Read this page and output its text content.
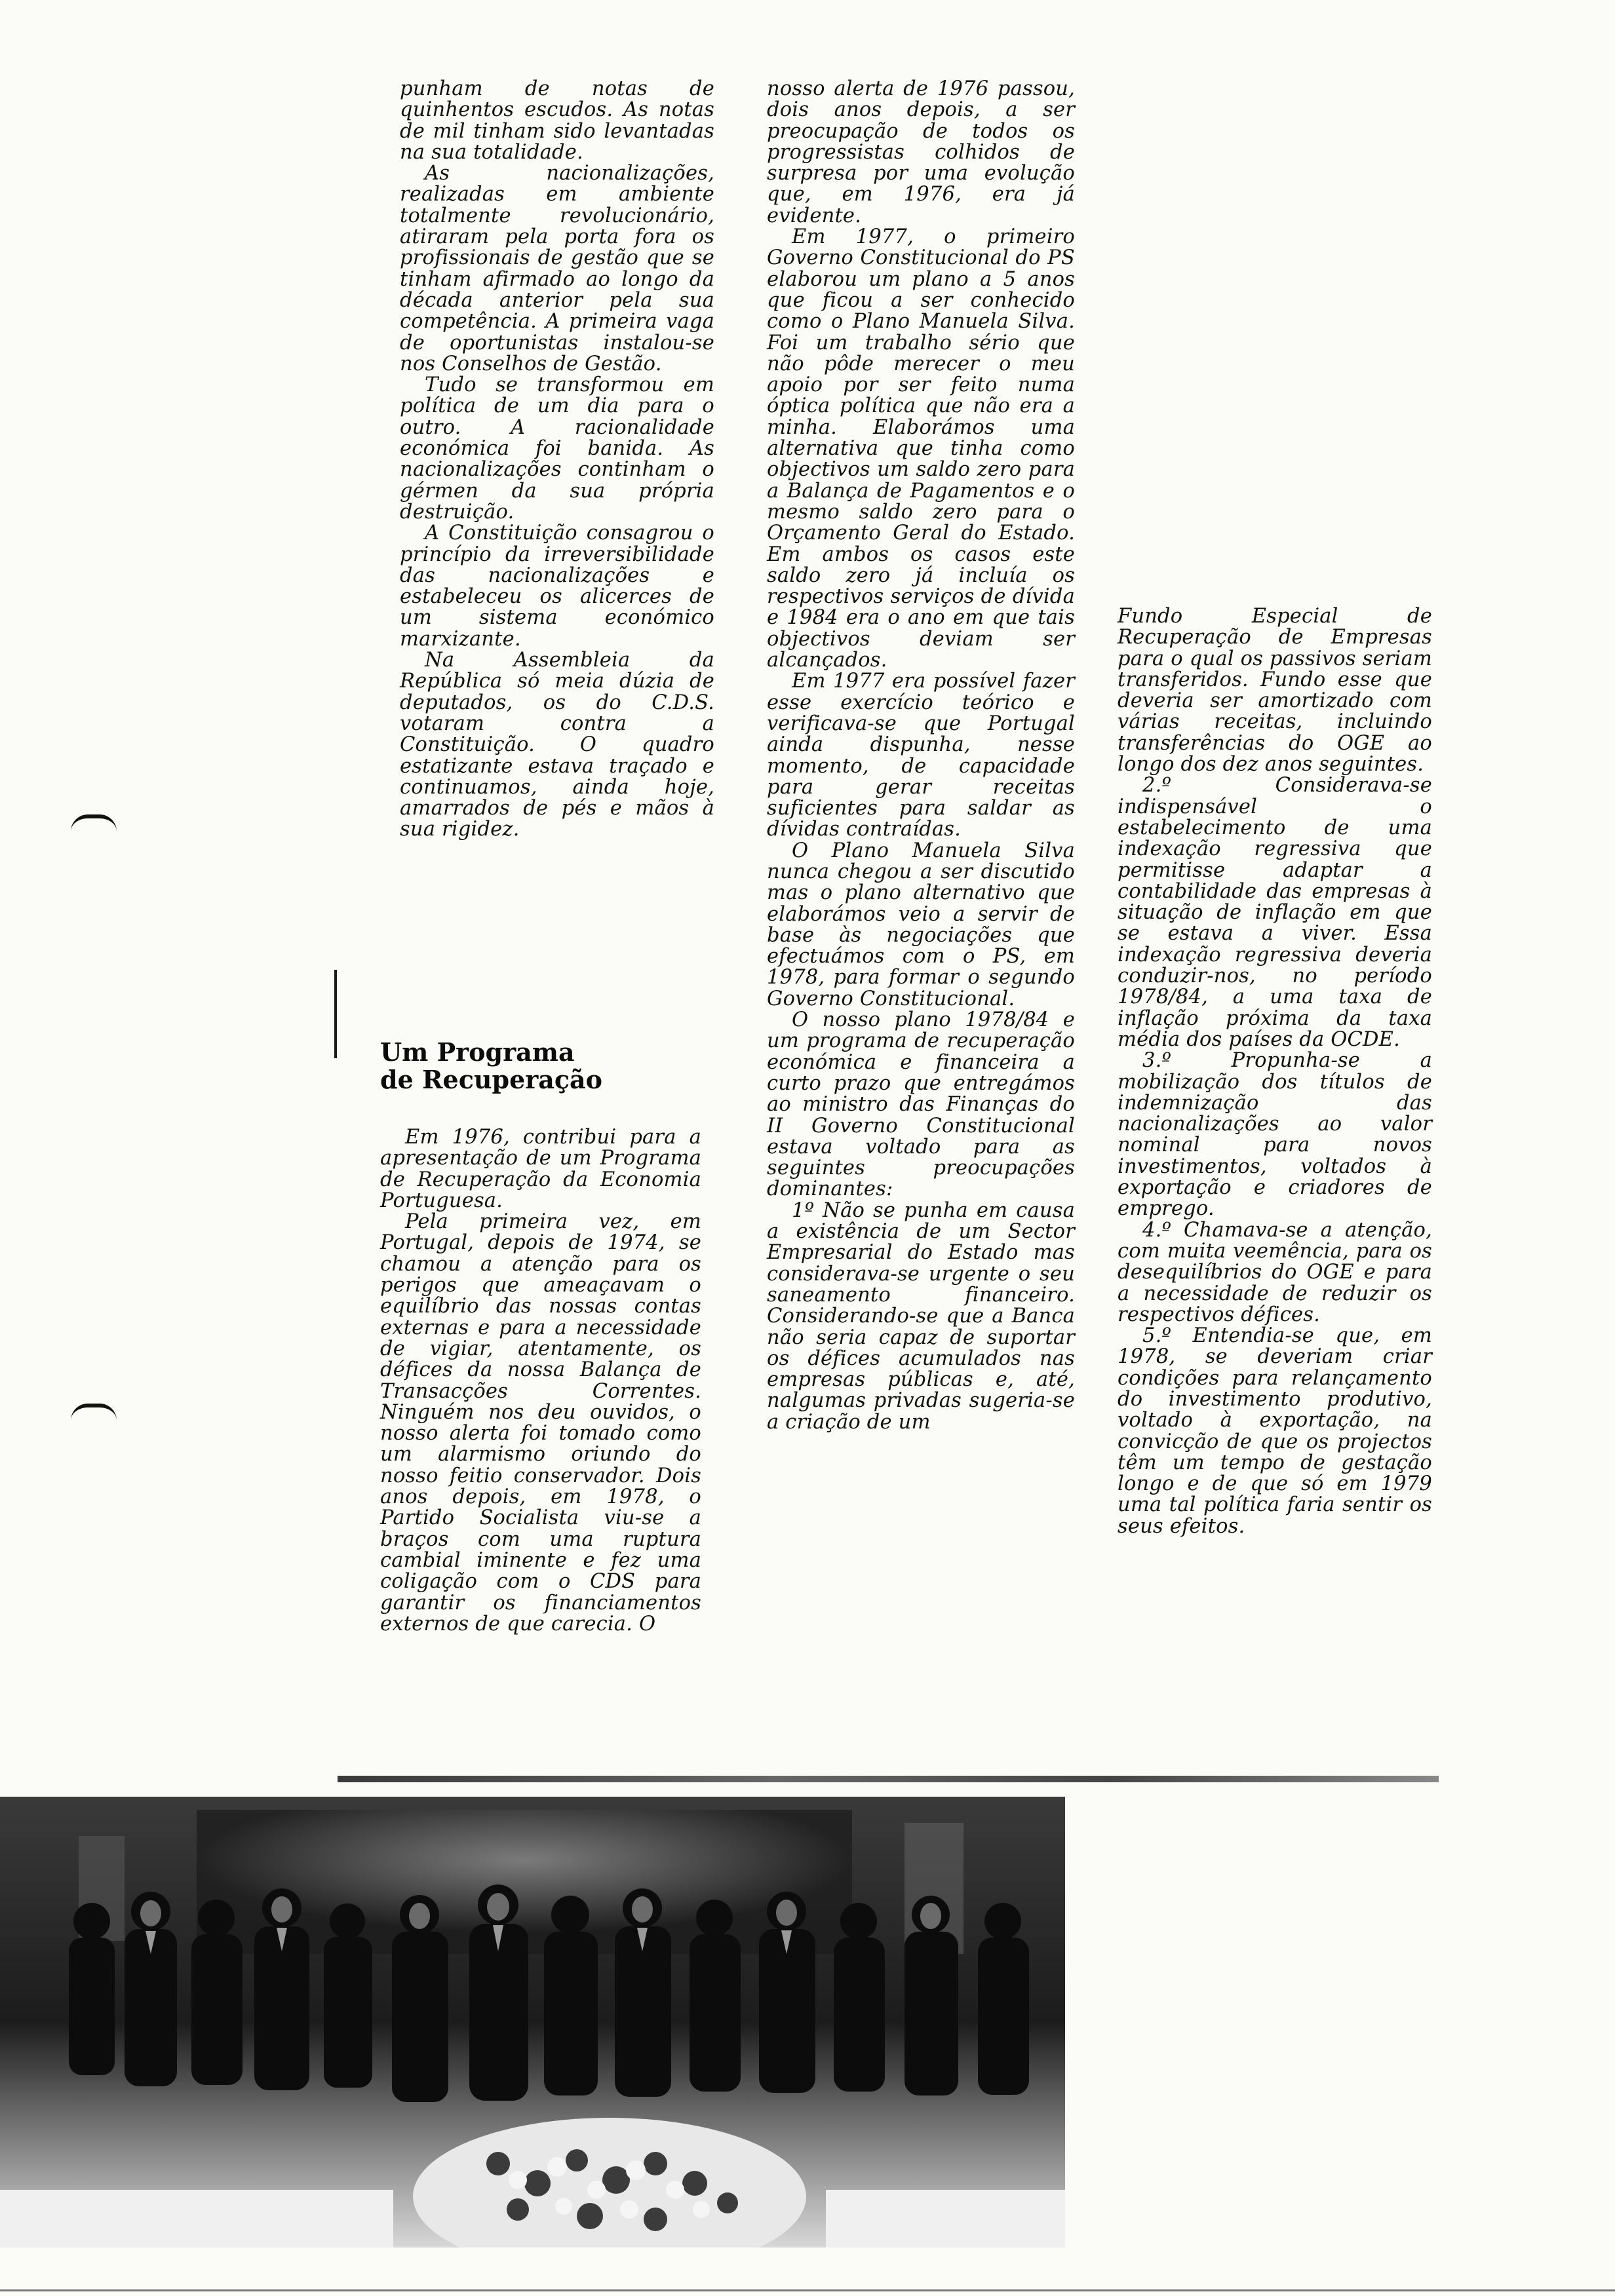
punham de notas de quinhentos escudos. As notas de mil tinham sido levantadas na sua totalidade.

As nacionalizações, realizadas em ambiente totalmente revolucionário, atiraram pela porta fora os profissionais de gestão que se tinham afirmado ao longo da década anterior pela sua competência. A primeira vaga de oportunistas instalou-se nos Conselhos de Gestão.

Tudo se transformou em política de um dia para o outro. A racionalidade económica foi banida. As nacionalizações continham o gérmen da sua própria destruição.

A Constituição consagrou o princípio da irreversibilidade das nacionalizações e estabeleceu os alicerces de um sistema económico marxizante.

Na Assembleia da República só meia dúzia de deputados, os do C.D.S. votaram contra a Constituição. O quadro estatizante estava traçado e continuamos, ainda hoje, amarrados de pés e mãos à sua rigidez.

Um Programa
de Recuperação

Em 1976, contribui para a apresentação de um Programa de Recuperação da Economia Portuguesa.

Pela primeira vez, em Portugal, depois de 1974, se chamou a atenção para os perigos que ameaçavam o equilíbrio das nossas contas externas e para a necessidade de vigiar, atentamente, os défices da nossa Balança de Transacções Correntes. Ninguém nos deu ouvidos, o nosso alerta foi tomado como um alarmismo oriundo do nosso feitio conservador. Dois anos depois, em 1978, o Partido Socialista viu-se a braços com uma ruptura cambial iminente e fez uma coligação com o CDS para garantir os financiamentos externos de que carecia. O

nosso alerta de 1976 passou, dois anos depois, a ser preocupação de todos os progressistas colhidos de surpresa por uma evolução que, em 1976, era já evidente.

Em 1977, o primeiro Governo Constitucional do PS elaborou um plano a 5 anos que ficou a ser conhecido como o Plano Manuela Silva. Foi um trabalho sério que não pôde merecer o meu apoio por ser feito numa óptica política que não era a minha. Elaborámos uma alternativa que tinha como objectivos um saldo zero para a Balança de Pagamentos e o mesmo saldo zero para o Orçamento Geral do Estado. Em ambos os casos este saldo zero já incluía os respectivos serviços de dívida e 1984 era o ano em que tais objectivos deviam ser alcançados.

Em 1977 era possível fazer esse exercício teórico e verificava-se que Portugal ainda dispunha, nesse momento, de capacidade para gerar receitas suficientes para saldar as dívidas contraídas.

O Plano Manuela Silva nunca chegou a ser discutido mas o plano alternativo que elaborámos veio a servir de base às negociações que efectuámos com o PS, em 1978, para formar o segundo Governo Constitucional.

O nosso plano 1978/84 e um programa de recuperação económica e financeira a curto prazo que entregámos ao ministro das Finanças do II Governo Constitucional estava voltado para as seguintes preocupações dominantes:

1º Não se punha em causa a existência de um Sector Empresarial do Estado mas considerava-se urgente o seu saneamento financeiro. Considerando-se que a Banca não seria capaz de suportar os défices acumulados nas empresas públicas e, até, nalgumas privadas sugeria-se a criação de um

Fundo Especial de Recuperação de Empresas para o qual os passivos seriam transferidos. Fundo esse que deveria ser amortizado com várias receitas, incluindo transferências do OGE ao longo dos dez anos seguintes.

2.º Considerava-se indispensável o estabelecimento de uma indexação regressiva que permitisse adaptar a contabilidade das empresas à situação de inflação em que se estava a viver. Essa indexação regressiva deveria conduzir-nos, no período 1978/84, a uma taxa de inflação próxima da taxa média dos países da OCDE.

3.º Propunha-se a mobilização dos títulos de indemnização das nacionalizações ao valor nominal para novos investimentos, voltados à exportação e criadores de emprego.

4.º Chamava-se a atenção, com muita veemência, para os desequilíbrios do OGE e para a necessidade de reduzir os respectivos défices.

5.º Entendia-se que, em 1978, se deveriam criar condições para relançamento do investimento produtivo, voltado à exportação, na convicção de que os projectos têm um tempo de gestação longo e de que só em 1979 uma tal política faria sentir os seus efeitos.
